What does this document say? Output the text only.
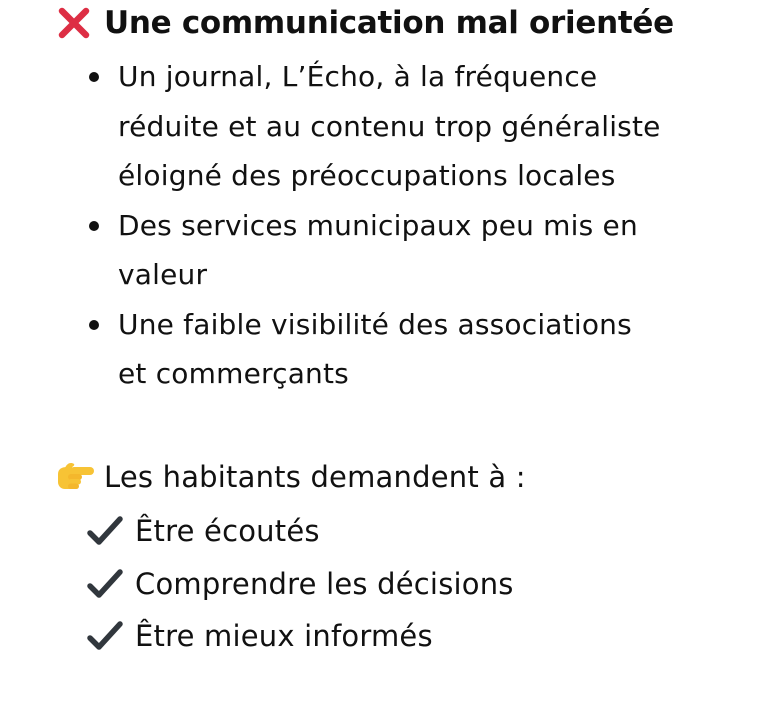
Une communication mal orientée
Un journal, L’Écho, à la fréquence
réduite et au contenu trop généraliste
éloigné des préoccupations locales
Des services municipaux peu mis en
valeur
Une faible visibilité des associations
et commerçants
Les habitants demandent à :
Être écoutés
Comprendre les décisions
Être mieux informés
